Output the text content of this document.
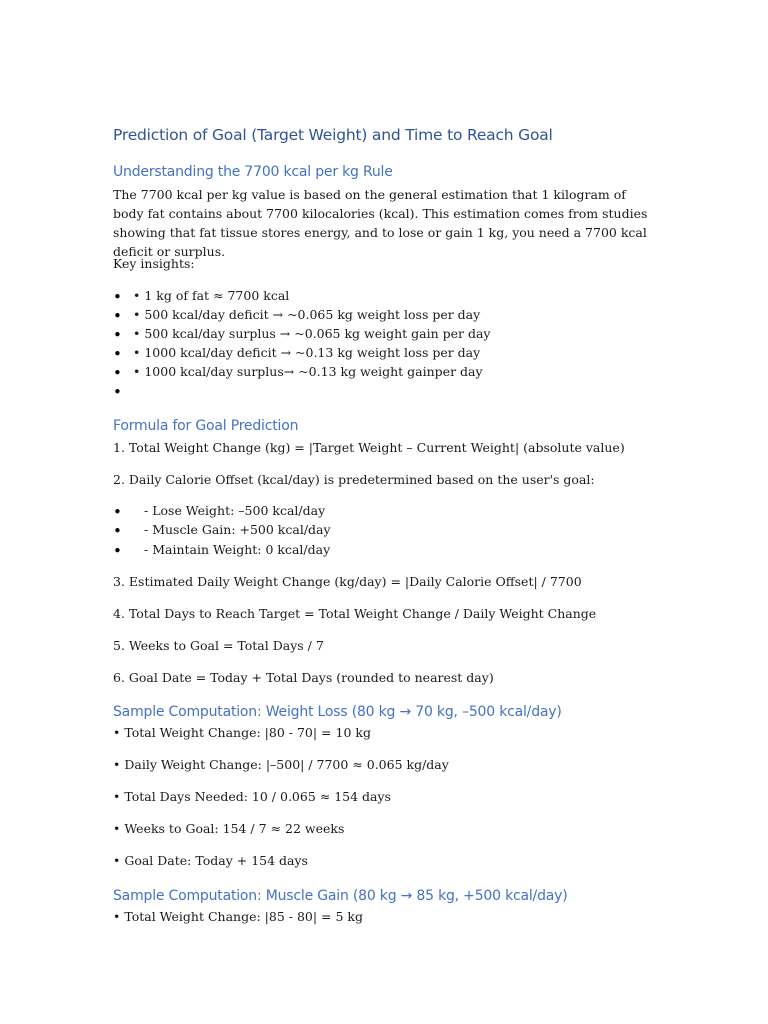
Prediction of Goal (Target Weight) and Time to Reach Goal
Understanding the 7700 kcal per kg Rule
The 7700 kcal per kg value is based on the general estimation that 1 kilogram of body fat contains about 7700 kilocalories (kcal). This estimation comes from studies showing that fat tissue stores energy, and to lose or gain 1 kg, you need a 7700 kcal deficit or surplus.
Key insights:
• • 1 kg of fat ≈ 7700 kcal
• • 500 kcal/day deficit → ~0.065 kg weight loss per day
• • 500 kcal/day surplus → ~0.065 kg weight gain per day
• • 1000 kcal/day deficit → ~0.13 kg weight loss per day
• • 1000 kcal/day surplus→ ~0.13 kg weight gainper day
•
Formula for Goal Prediction
1. Total Weight Change (kg) = |Target Weight – Current Weight| (absolute value)
2. Daily Calorie Offset (kcal/day) is predetermined based on the user's goal:
• - Lose Weight: –500 kcal/day
• - Muscle Gain: +500 kcal/day
• - Maintain Weight: 0 kcal/day
3. Estimated Daily Weight Change (kg/day) = |Daily Calorie Offset| / 7700
4. Total Days to Reach Target = Total Weight Change / Daily Weight Change
5. Weeks to Goal = Total Days / 7
6. Goal Date = Today + Total Days (rounded to nearest day)
Sample Computation: Weight Loss (80 kg → 70 kg, –500 kcal/day)
• Total Weight Change: |80 - 70| = 10 kg
• Daily Weight Change: |–500| / 7700 ≈ 0.065 kg/day
• Total Days Needed: 10 / 0.065 ≈ 154 days
• Weeks to Goal: 154 / 7 ≈ 22 weeks
• Goal Date: Today + 154 days
Sample Computation: Muscle Gain (80 kg → 85 kg, +500 kcal/day)
• Total Weight Change: |85 - 80| = 5 kg
